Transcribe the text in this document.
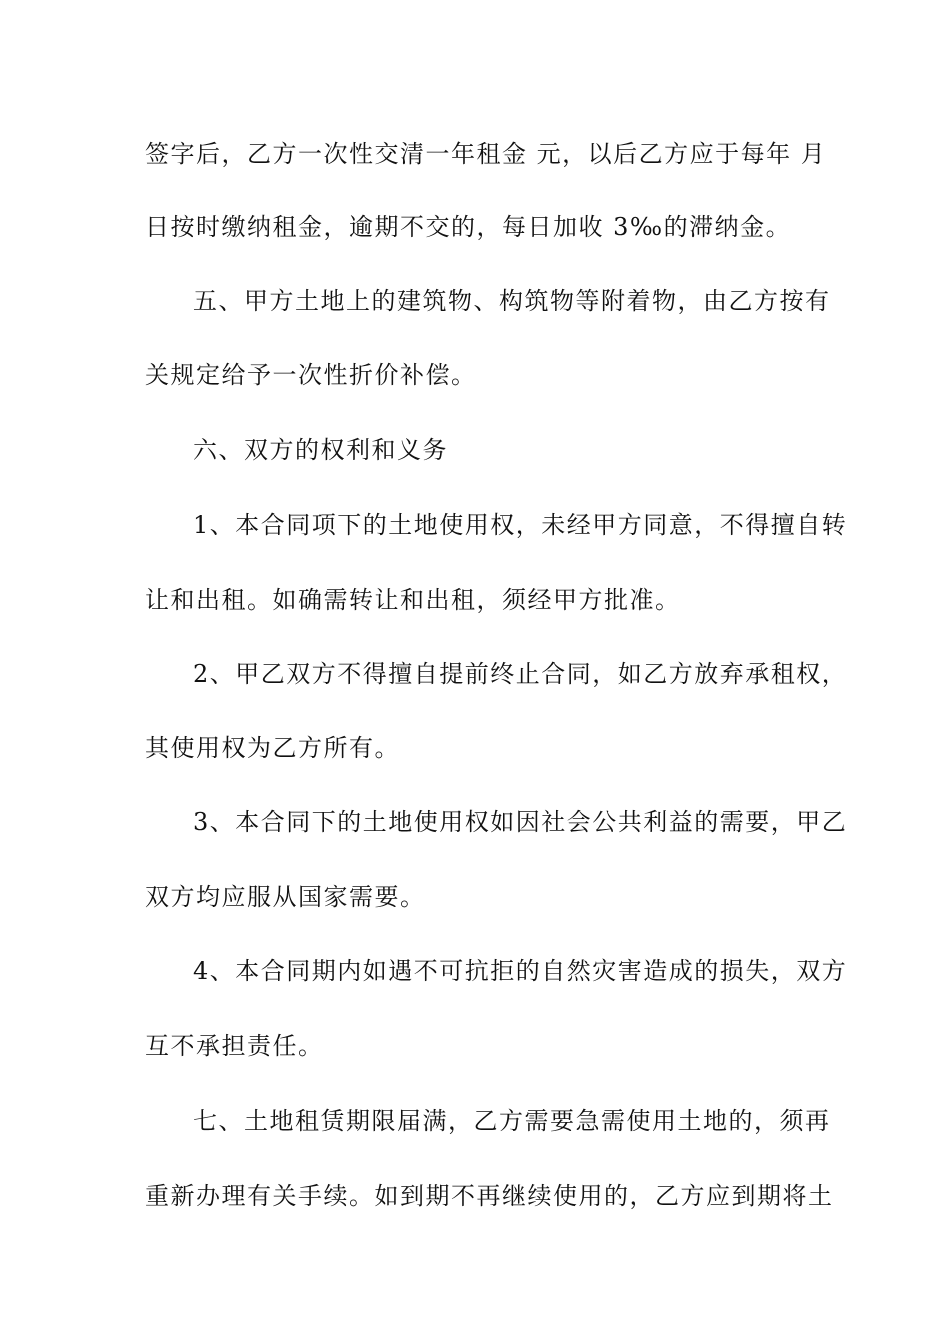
签字后，乙方一次性交清一年租金 元，以后乙方应于每年 月
日按时缴纳租金，逾期不交的，每日加收 3‰的滞纳金。
五、甲方土地上的建筑物、构筑物等附着物，由乙方按有
关规定给予一次性折价补偿。
六、双方的权利和义务
1、本合同项下的土地使用权，未经甲方同意，不得擅自转
让和出租。如确需转让和出租，须经甲方批准。
2、甲乙双方不得擅自提前终止合同，如乙方放弃承租权，
其使用权为乙方所有。
3、本合同下的土地使用权如因社会公共利益的需要，甲乙
双方均应服从国家需要。
4、本合同期内如遇不可抗拒的自然灾害造成的损失，双方
互不承担责任。
七、土地租赁期限届满，乙方需要急需使用土地的，须再
重新办理有关手续。如到期不再继续使用的，乙方应到期将土
